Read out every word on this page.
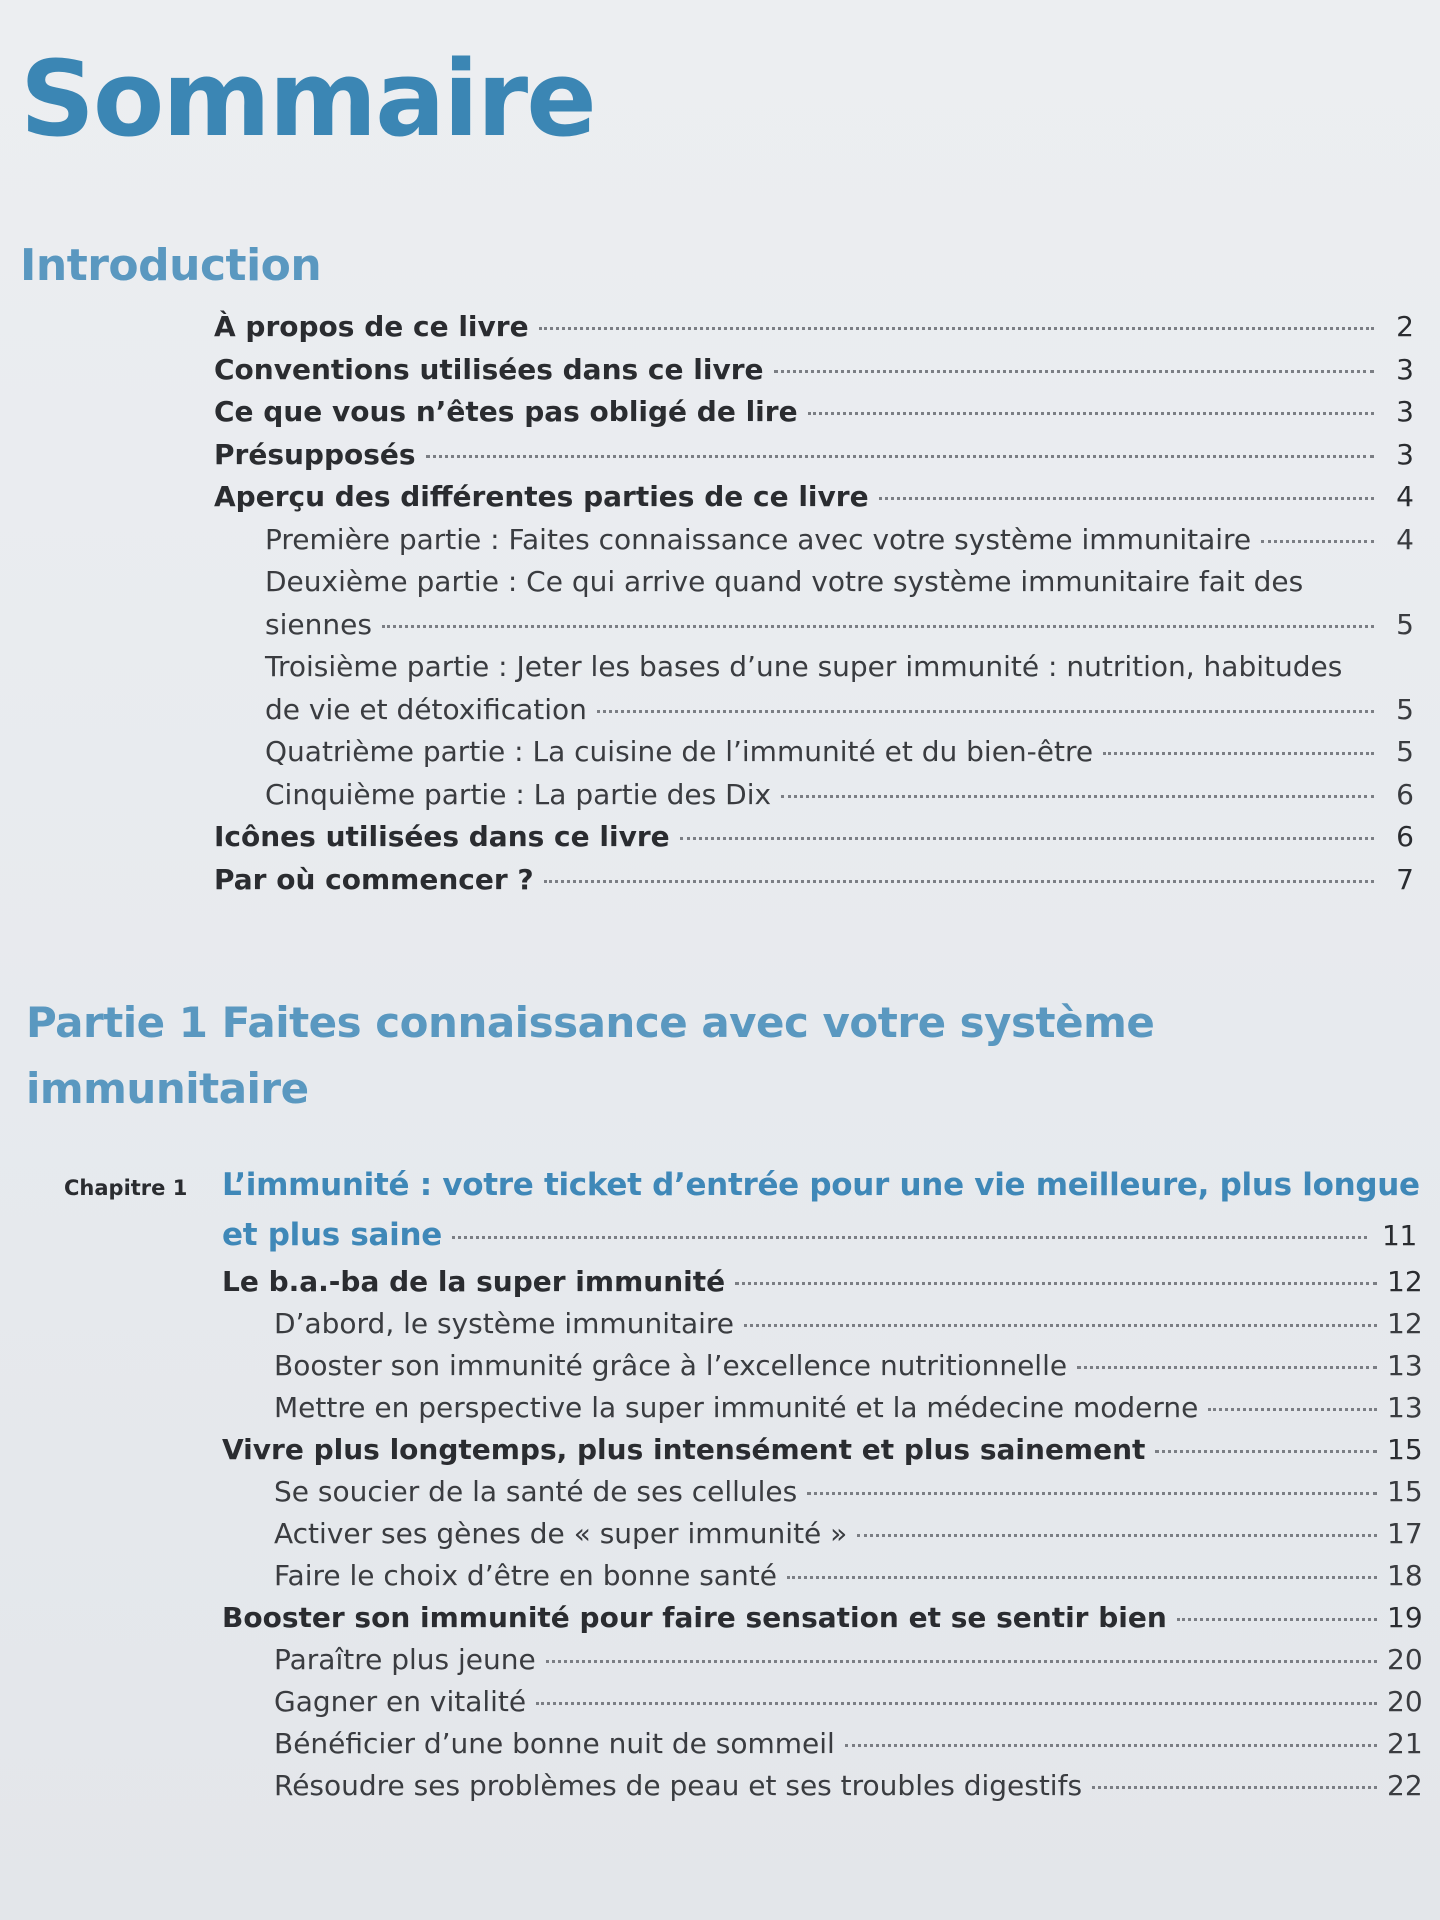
Sommaire
Introduction
À propos de ce livre	2
Conventions utilisées dans ce livre	3
Ce que vous n’êtes pas obligé de lire	3
Présupposés	3
Aperçu des différentes parties de ce livre	4
Première partie : Faites connaissance avec votre système immunitaire	4
Deuxième partie : Ce qui arrive quand votre système immunitaire fait des
siennes	5
Troisième partie : Jeter les bases d’une super immunité : nutrition, habitudes
de vie et détoxification	5
Quatrième partie : La cuisine de l’immunité et du bien-être	5
Cinquième partie : La partie des Dix	6
Icônes utilisées dans ce livre	6
Par où commencer ?	7
Partie 1 Faites connaissance avec votre système
immunitaire
Chapitre 1 L’immunité : votre ticket d’entrée pour une vie meilleure, plus longue
et plus saine	11
Le b.a.-ba de la super immunité	12
D’abord, le système immunitaire	12
Booster son immunité grâce à l’excellence nutritionnelle	13
Mettre en perspective la super immunité et la médecine moderne	13
Vivre plus longtemps, plus intensément et plus sainement	15
Se soucier de la santé de ses cellules	15
Activer ses gènes de « super immunité »	17
Faire le choix d’être en bonne santé	18
Booster son immunité pour faire sensation et se sentir bien	19
Paraître plus jeune	20
Gagner en vitalité	20
Bénéficier d’une bonne nuit de sommeil	21
Résoudre ses problèmes de peau et ses troubles digestifs	22
